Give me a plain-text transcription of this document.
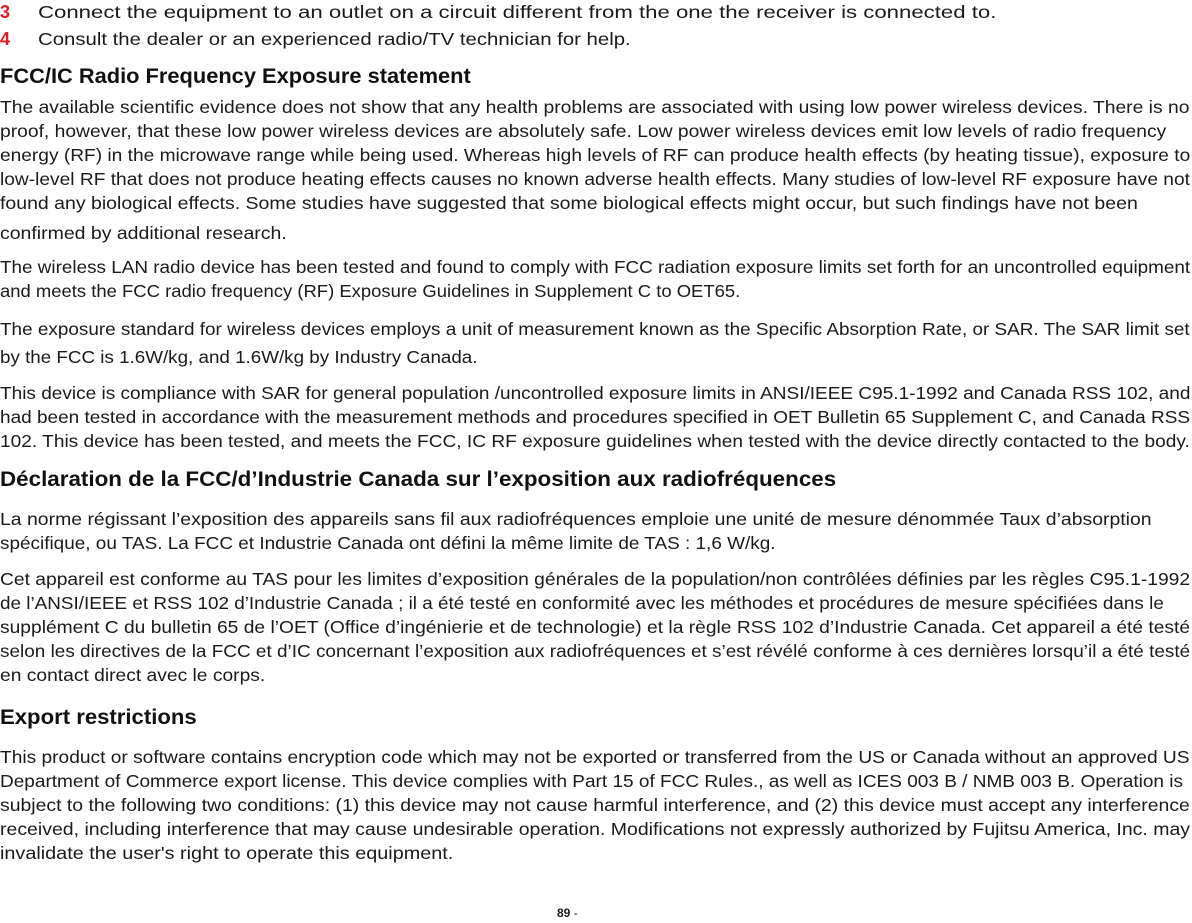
3 Connect the equipment to an outlet on a circuit different from the one the receiver is connected to.
4 Consult the dealer or an experienced radio/TV technician for help.
FCC/IC Radio Frequency Exposure statement
The available scientific evidence does not show that any health problems are associated with using low power wireless devices. There is no
proof, however, that these low power wireless devices are absolutely safe. Low power wireless devices emit low levels of radio frequency
energy (RF) in the microwave range while being used. Whereas high levels of RF can produce health effects (by heating tissue), exposure to
low-level RF that does not produce heating effects causes no known adverse health effects. Many studies of low-level RF exposure have not
found any biological effects. Some studies have suggested that some biological effects might occur, but such findings have not been
confirmed by additional research.
The wireless LAN radio device has been tested and found to comply with FCC radiation exposure limits set forth for an uncontrolled equipment
and meets the FCC radio frequency (RF) Exposure Guidelines in Supplement C to OET65.
The exposure standard for wireless devices employs a unit of measurement known as the Specific Absorption Rate, or SAR. The SAR limit set
by the FCC is 1.6W/kg, and 1.6W/kg by Industry Canada.
This device is compliance with SAR for general population /uncontrolled exposure limits in ANSI/IEEE C95.1-1992 and Canada RSS 102, and
had been tested in accordance with the measurement methods and procedures specified in OET Bulletin 65 Supplement C, and Canada RSS
102. This device has been tested, and meets the FCC, IC RF exposure guidelines when tested with the device directly contacted to the body.
Déclaration de la FCC/d’Industrie Canada sur l’exposition aux radiofréquences
La norme régissant l’exposition des appareils sans fil aux radiofréquences emploie une unité de mesure dénommée Taux d’absorption
spécifique, ou TAS. La FCC et Industrie Canada ont défini la même limite de TAS : 1,6 W/kg.
Cet appareil est conforme au TAS pour les limites d’exposition générales de la population/non contrôlées définies par les règles C95.1-1992
de l’ANSI/IEEE et RSS 102 d’Industrie Canada ; il a été testé en conformité avec les méthodes et procédures de mesure spécifiées dans le
supplément C du bulletin 65 de l’OET (Office d’ingénierie et de technologie) et la règle RSS 102 d’Industrie Canada. Cet appareil a été testé
selon les directives de la FCC et d’IC concernant l’exposition aux radiofréquences et s’est révélé conforme à ces dernières lorsqu’il a été testé
en contact direct avec le corps.
Export restrictions
This product or software contains encryption code which may not be exported or transferred from the US or Canada without an approved US
Department of Commerce export license. This device complies with Part 15 of FCC Rules., as well as ICES 003 B / NMB 003 B. Operation is
subject to the following two conditions: (1) this device may not cause harmful interference, and (2) this device must accept any interference
received, including interference that may cause undesirable operation. Modifications not expressly authorized by Fujitsu America, Inc. may
invalidate the user's right to operate this equipment.
89 -
